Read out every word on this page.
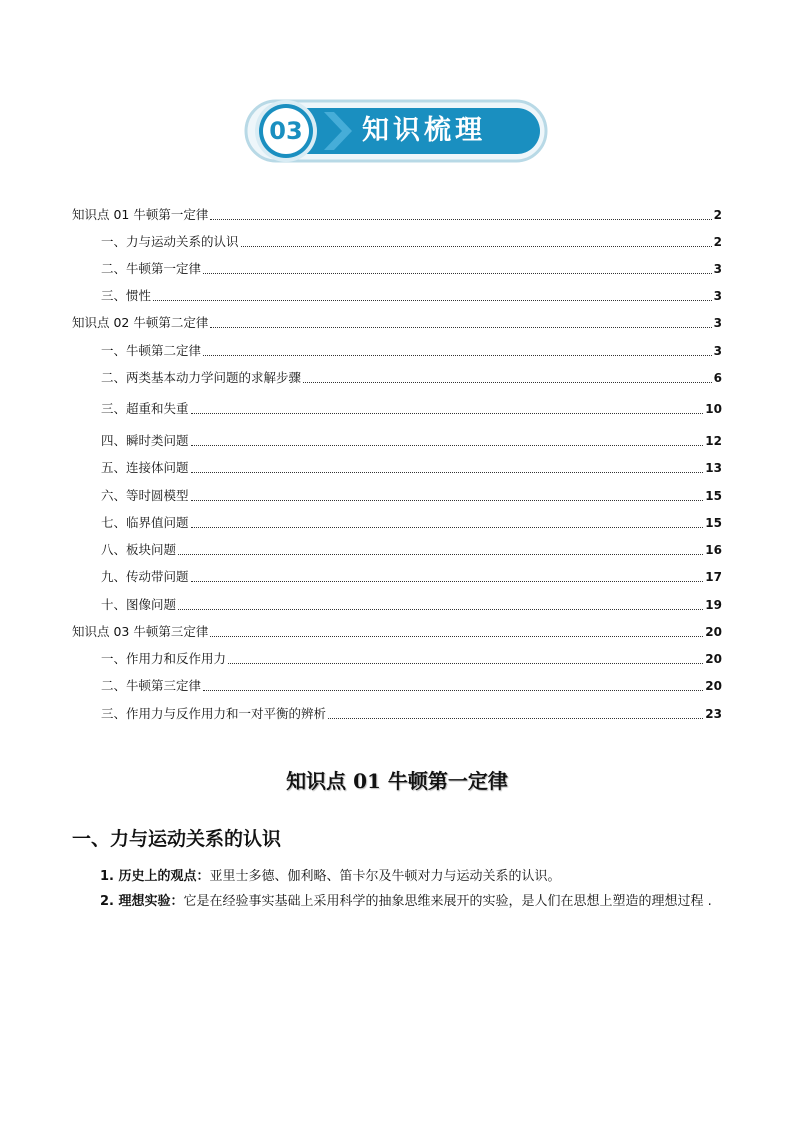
03 知识梳理
知识点 01 牛顿第一定律	2
一、力与运动关系的认识	2
二、牛顿第一定律	3
三、惯性	3
知识点 02 牛顿第二定律	3
一、牛顿第二定律	3
二、两类基本动力学问题的求解步骤	6
三、超重和失重	10
四、瞬时类问题	12
五、连接体问题	13
六、等时圆模型	15
七、临界值问题	15
八、板块问题	16
九、传动带问题	17
十、图像问题	19
知识点 03 牛顿第三定律	20
一、作用力和反作用力	20
二、牛顿第三定律	20
三、作用力与反作用力和一对平衡的辨析	23
知识点 01 牛顿第一定律
一、力与运动关系的认识
1. 历史上的观点：亚里士多德、伽利略、笛卡尔及牛顿对力与运动关系的认识。
2. 理想实验：它是在经验事实基础上采用科学的抽象思维来展开的实验，是人们在思想上塑造的理想过程 .
